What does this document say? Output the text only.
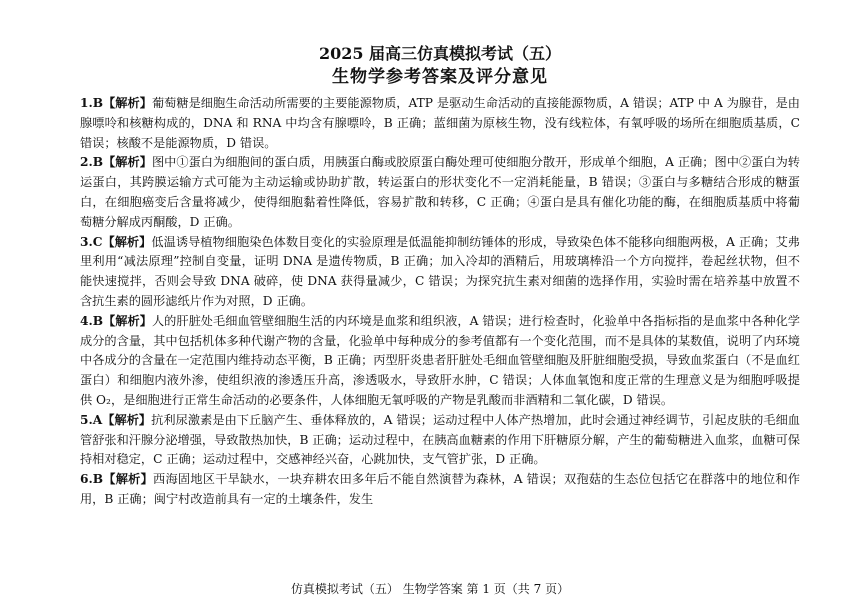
2025 届高三仿真模拟考试（五）
生物学参考答案及评分意见

1.B【解析】葡萄糖是细胞生命活动所需要的主要能源物质，ATP 是驱动生命活动的直接能源物质，A 错误；ATP 中 A 为腺苷，是由腺嘌呤和核糖构成的，DNA 和 RNA 中均含有腺嘌呤，B 正确；蓝细菌为原核生物，没有线粒体，有氧呼吸的场所在细胞质基质，C 错误；核酸不是能源物质，D 错误。

2.B【解析】图中①蛋白为细胞间的蛋白质，用胰蛋白酶或胶原蛋白酶处理可使细胞分散开，形成单个细胞，A 正确；图中②蛋白为转运蛋白，其跨膜运输方式可能为主动运输或协助扩散，转运蛋白的形状变化不一定消耗能量，B 错误；③蛋白与多糖结合形成的糖蛋白，在细胞癌变后含量将减少，使得细胞黏着性降低，容易扩散和转移，C 正确；④蛋白是具有催化功能的酶，在细胞质基质中将葡萄糖分解成丙酮酸，D 正确。

3.C【解析】低温诱导植物细胞染色体数目变化的实验原理是低温能抑制纺锤体的形成，导致染色体不能移向细胞两极，A 正确；艾弗里利用“减法原理”控制自变量，证明 DNA 是遗传物质，B 正确；加入冷却的酒精后，用玻璃棒沿一个方向搅拌，卷起丝状物，但不能快速搅拌，否则会导致 DNA 破碎，使 DNA 获得量减少，C 错误；为探究抗生素对细菌的选择作用，实验时需在培养基中放置不含抗生素的圆形滤纸片作为对照，D 正确。

4.B【解析】人的肝脏处毛细血管壁细胞生活的内环境是血浆和组织液，A 错误；进行检查时，化验单中各指标指的是血浆中各种化学成分的含量，其中包括机体多种代谢产物的含量，化验单中每种成分的参考值都有一个变化范围，而不是具体的某数值，说明了内环境中各成分的含量在一定范围内维持动态平衡，B 正确；丙型肝炎患者肝脏处毛细血管壁细胞及肝脏细胞受损，导致血浆蛋白（不是血红蛋白）和细胞内液外渗，使组织液的渗透压升高，渗透吸水，导致肝水肿，C 错误；人体血氧饱和度正常的生理意义是为细胞呼吸提供 O₂，是细胞进行正常生命活动的必要条件，人体细胞无氧呼吸的产物是乳酸而非酒精和二氧化碳，D 错误。

5.A【解析】抗利尿激素是由下丘脑产生、垂体释放的，A 错误；运动过程中人体产热增加，此时会通过神经调节，引起皮肤的毛细血管舒张和汗腺分泌增强，导致散热加快，B 正确；运动过程中，在胰高血糖素的作用下肝糖原分解，产生的葡萄糖进入血浆，血糖可保持相对稳定，C 正确；运动过程中，交感神经兴奋，心跳加快，支气管扩张，D 正确。

6.B【解析】西海固地区干旱缺水，一块弃耕农田多年后不能自然演替为森林，A 错误；双孢菇的生态位包括它在群落中的地位和作用，B 正确；闽宁村改造前具有一定的土壤条件，发生

仿真模拟考试（五） 生物学答案 第 1 页（共 7 页）
